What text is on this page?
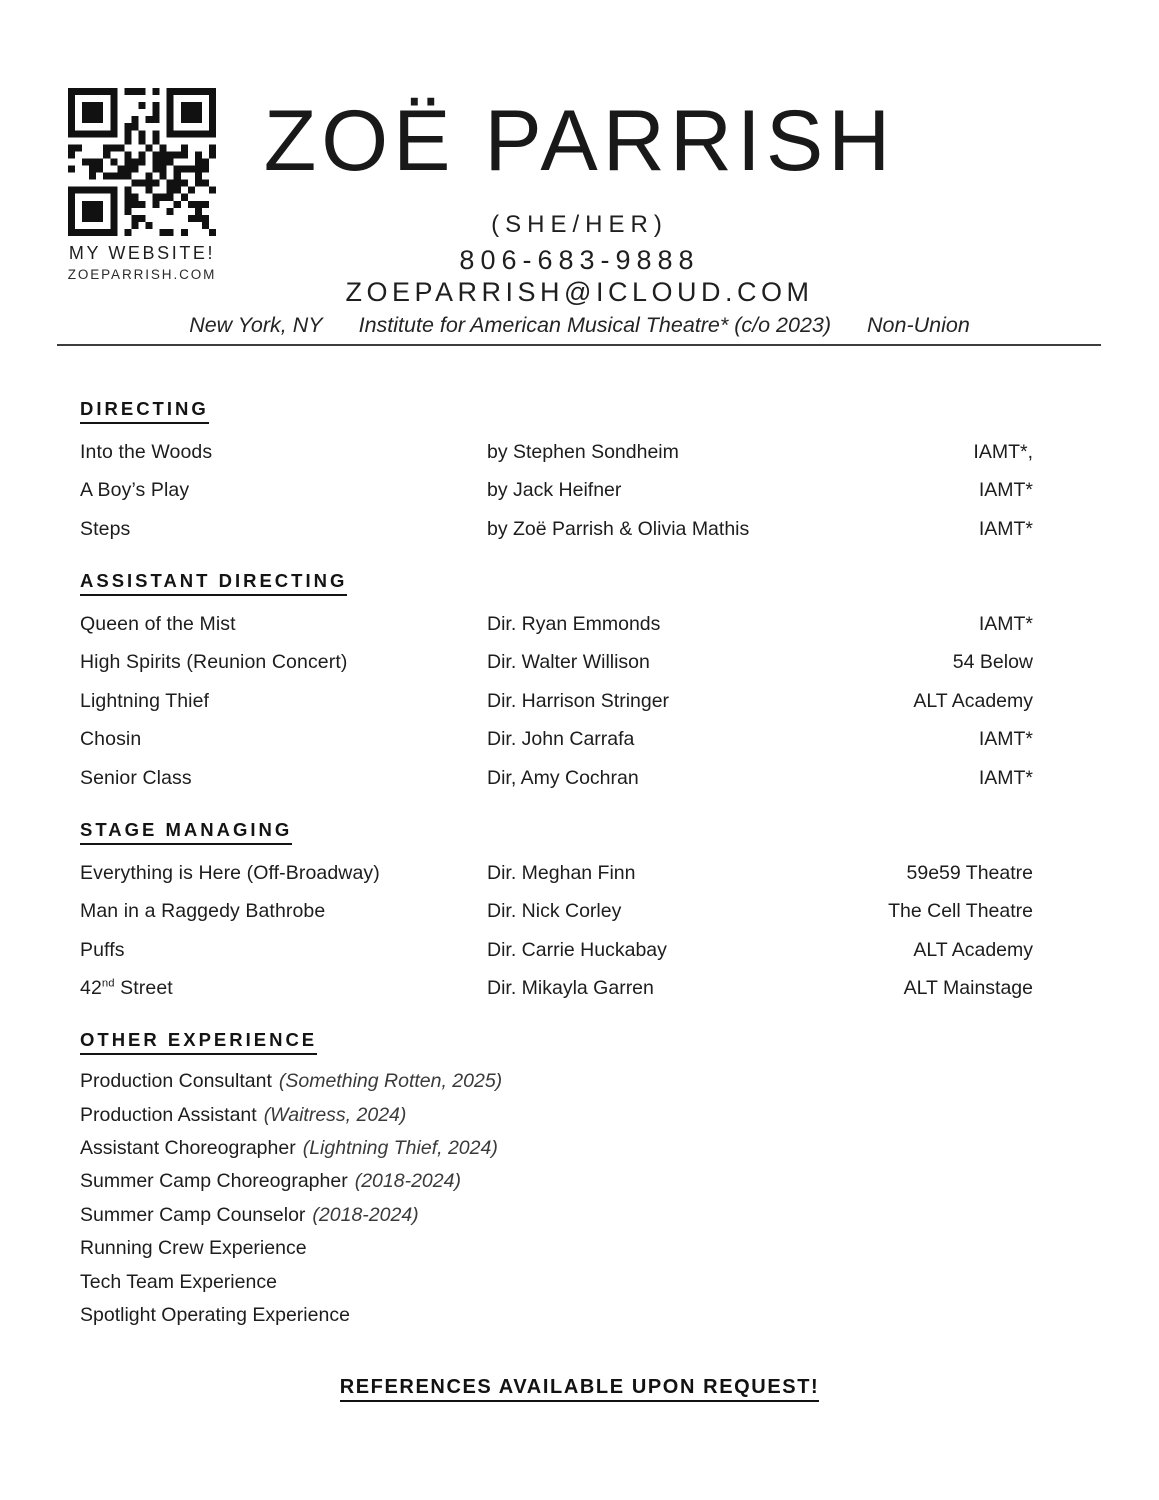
MY WEBSITE!
ZOEPARRISH.COM
ZOË PARRISH
(SHE/HER)
806-683-9888
ZOEPARRISH@ICLOUD.COM
New York, NY Institute for American Musical Theatre* (c/o 2023) Non-Union
DIRECTING
Into the Woods	by Stephen Sondheim	IAMT*,
A Boy’s Play	by Jack Heifner	IAMT*
Steps	by Zoë Parrish & Olivia Mathis	IAMT*
ASSISTANT DIRECTING
Queen of the Mist	Dir. Ryan Emmonds	IAMT*
High Spirits (Reunion Concert)	Dir. Walter Willison	54 Below
Lightning Thief	Dir. Harrison Stringer	ALT Academy
Chosin	Dir. John Carrafa	IAMT*
Senior Class	Dir, Amy Cochran	IAMT*
STAGE MANAGING
Everything is Here (Off-Broadway)	Dir. Meghan Finn	59e59 Theatre
Man in a Raggedy Bathrobe	Dir. Nick Corley	The Cell Theatre
Puffs	Dir. Carrie Huckabay	ALT Academy
42nd Street	Dir. Mikayla Garren	ALT Mainstage
OTHER EXPERIENCE
Production Consultant (Something Rotten, 2025)
Production Assistant (Waitress, 2024)
Assistant Choreographer (Lightning Thief, 2024)
Summer Camp Choreographer (2018-2024)
Summer Camp Counselor (2018-2024)
Running Crew Experience
Tech Team Experience
Spotlight Operating Experience
REFERENCES AVAILABLE UPON REQUEST!
